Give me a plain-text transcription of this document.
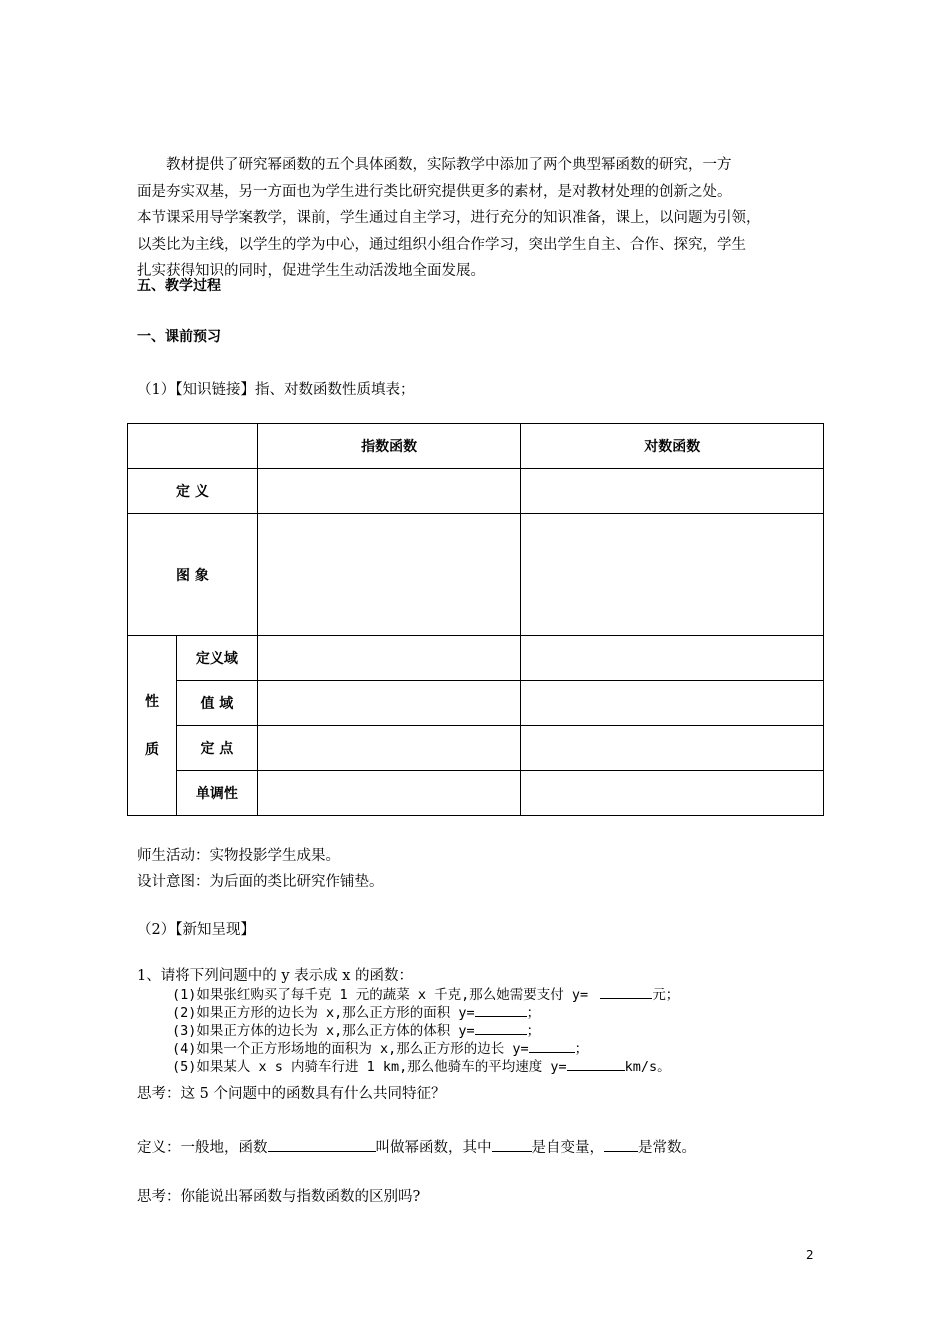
教材提供了研究幂函数的五个具体函数，实际教学中添加了两个典型幂函数的研究，一方
面是夯实双基，另一方面也为学生进行类比研究提供更多的素材，是对教材处理的创新之处。
本节课采用导学案教学，课前，学生通过自主学习，进行充分的知识准备，课上，以问题为引领，
以类比为主线，以学生的学为中心，通过组织小组合作学习，突出学生自主、合作、探究，学生
扎实获得知识的同时，促进学生生动活泼地全面发展。
五、教学过程
一、课前预习
（1）【知识链接】指、对数函数性质填表；
		指数函数	对数函数
定 义			
图 象			

性
质	定义域		
	值 域		
	定 点		
	单调性		
师生活动：实物投影学生成果。
设计意图：为后面的类比研究作铺垫。
（2）【新知呈现】
1、请将下列问题中的 y 表示成 x 的函数：
(1)如果张红购买了每千克 1 元的蔬菜 x 千克,那么她需要支付 y=	元；
(2)如果正方形的边长为 x,那么正方形的面积 y=	；
(3)如果正方体的边长为 x,那么正方体的体积 y=	；
(4)如果一个正方形场地的面积为 x,那么正方形的边长 y=	；
(5)如果某人 x s 内骑车行进 1 km,那么他骑车的平均速度 y=	km/s。
思考：这 5 个问题中的函数具有什么共同特征？
定义：一般地，函数	叫做幂函数，其中	是自变量， 是常数。
思考：你能说出幂函数与指数函数的区别吗?
2
